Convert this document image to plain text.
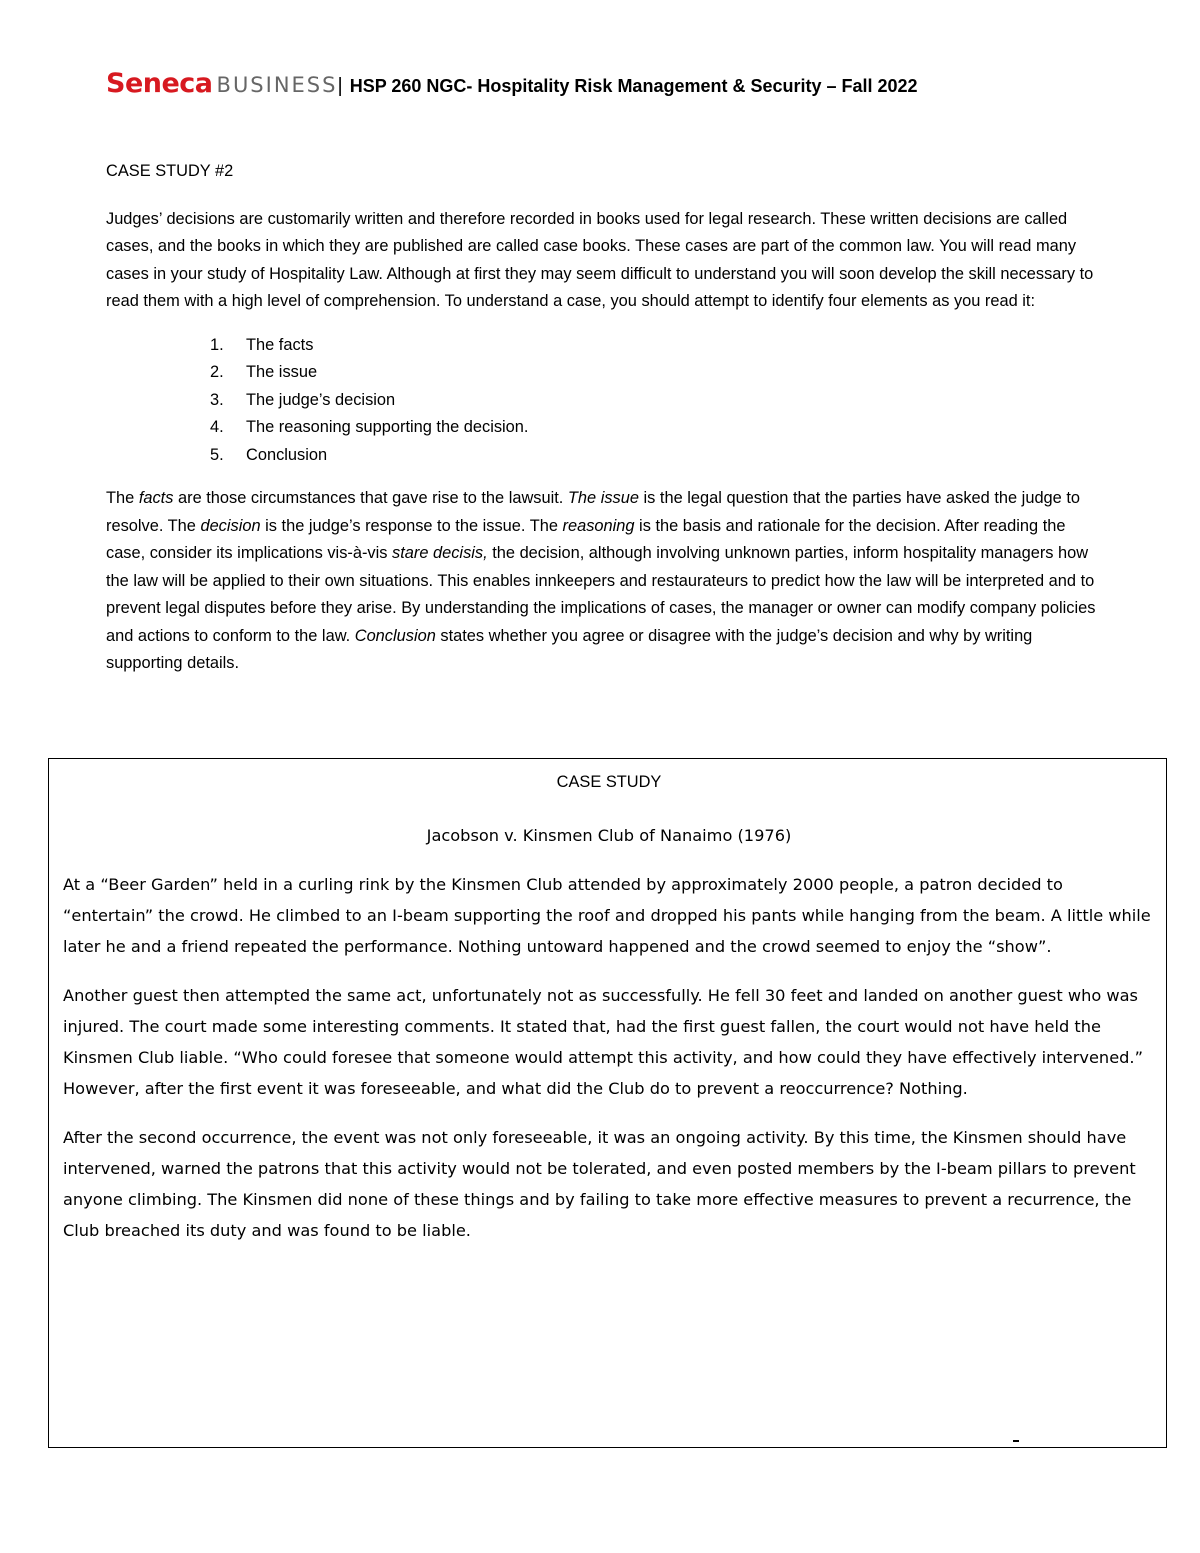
Seneca BUSINESS| HSP 260 NGC- Hospitality Risk Management & Security – Fall 2022

CASE STUDY #2

Judges’ decisions are customarily written and therefore recorded in books used for legal research. These written decisions are called cases, and the books in which they are published are called case books. These cases are part of the common law. You will read many cases in your study of Hospitality Law. Although at first they may seem difficult to understand you will soon develop the skill necessary to read them with a high level of comprehension. To understand a case, you should attempt to identify four elements as you read it:

1.	The facts
2.	The issue
3.	The judge’s decision
4.	The reasoning supporting the decision.
5.	Conclusion

The facts are those circumstances that gave rise to the lawsuit. The issue is the legal question that the parties have asked the judge to resolve. The decision is the judge’s response to the issue. The reasoning is the basis and rationale for the decision. After reading the case, consider its implications vis-à-vis stare decisis, the decision, although involving unknown parties, inform hospitality managers how the law will be applied to their own situations. This enables innkeepers and restaurateurs to predict how the law will be interpreted and to prevent legal disputes before they arise. By understanding the implications of cases, the manager or owner can modify company policies and actions to conform to the law. Conclusion states whether you agree or disagree with the judge’s decision and why by writing supporting details.

CASE STUDY

Jacobson v. Kinsmen Club of Nanaimo (1976)

At a “Beer Garden” held in a curling rink by the Kinsmen Club attended by approximately 2000 people, a patron decided to “entertain” the crowd. He climbed to an I-beam supporting the roof and dropped his pants while hanging from the beam. A little while later he and a friend repeated the performance. Nothing untoward happened and the crowd seemed to enjoy the “show”.

Another guest then attempted the same act, unfortunately not as successfully. He fell 30 feet and landed on another guest who was injured. The court made some interesting comments. It stated that, had the first guest fallen, the court would not have held the Kinsmen Club liable. “Who could foresee that someone would attempt this activity, and how could they have effectively intervened.” However, after the first event it was foreseeable, and what did the Club do to prevent a reoccurrence? Nothing.

After the second occurrence, the event was not only foreseeable, it was an ongoing activity. By this time, the Kinsmen should have intervened, warned the patrons that this activity would not be tolerated, and even posted members by the I-beam pillars to prevent anyone climbing. The Kinsmen did none of these things and by failing to take more effective measures to prevent a recurrence, the Club breached its duty and was found to be liable.
